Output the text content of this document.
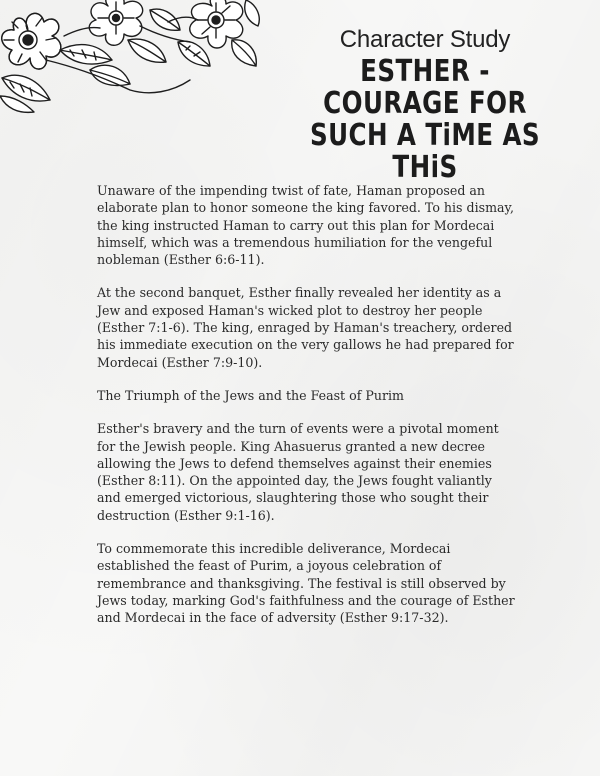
Character Study
ESTHER - COURAGE FOR
SUCH A TiME AS THiS

Unaware of the impending twist of fate, Haman proposed an elaborate plan to honor someone the king favored. To his dismay, the king instructed Haman to carry out this plan for Mordecai himself, which was a tremendous humiliation for the vengeful nobleman (Esther 6:6-11).

At the second banquet, Esther finally revealed her identity as a Jew and exposed Haman's wicked plot to destroy her people (Esther 7:1-6). The king, enraged by Haman's treachery, ordered his immediate execution on the very gallows he had prepared for Mordecai (Esther 7:9-10).

The Triumph of the Jews and the Feast of Purim

Esther's bravery and the turn of events were a pivotal moment for the Jewish people. King Ahasuerus granted a new decree allowing the Jews to defend themselves against their enemies (Esther 8:11). On the appointed day, the Jews fought valiantly and emerged victorious, slaughtering those who sought their destruction (Esther 9:1-16).

To commemorate this incredible deliverance, Mordecai established the feast of Purim, a joyous celebration of remembrance and thanksgiving. The festival is still observed by Jews today, marking God's faithfulness and the courage of Esther and Mordecai in the face of adversity (Esther 9:17-32).
